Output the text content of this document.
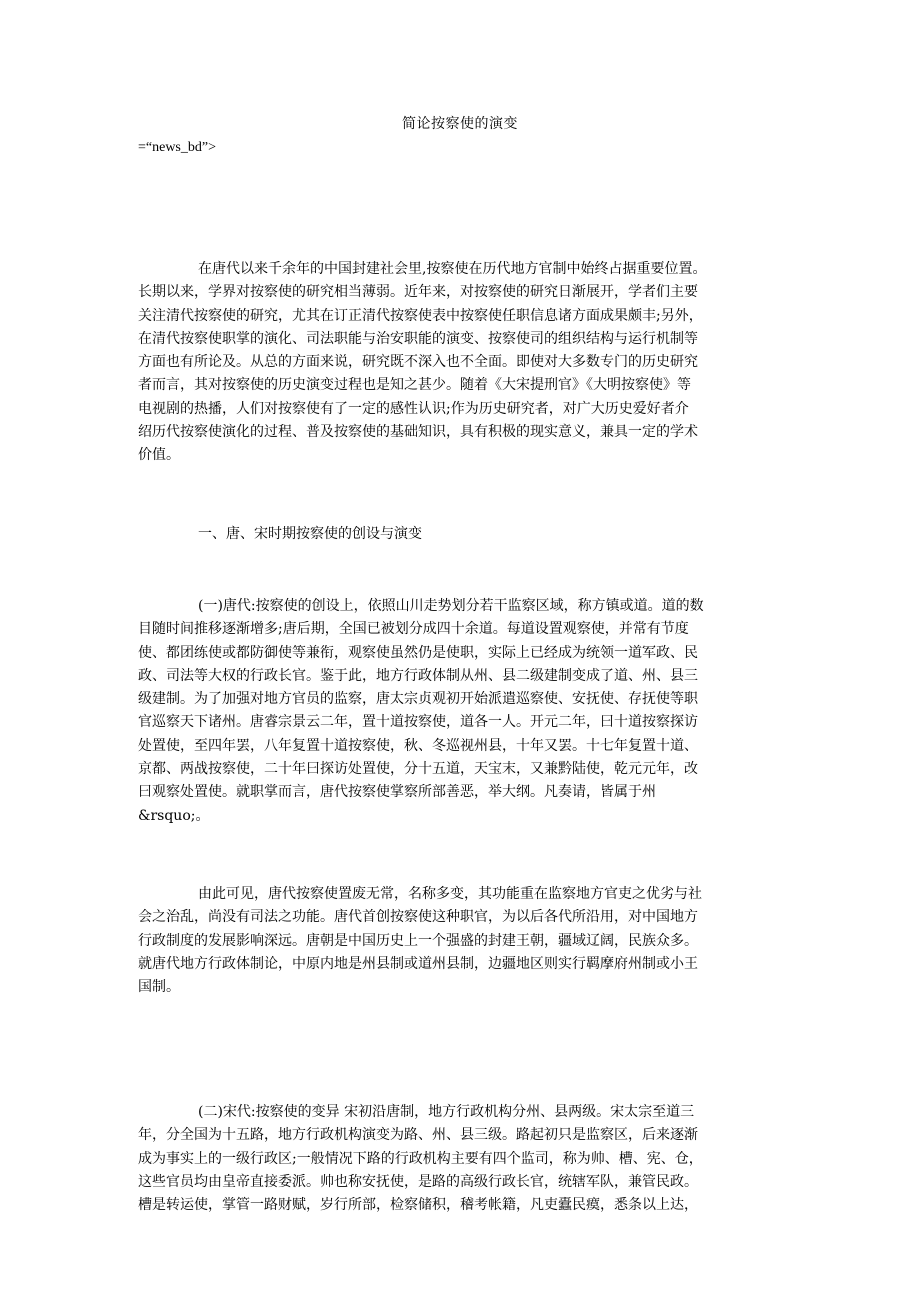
简论按察使的演变
=“news_bd”>
在唐代以来千余年的中国封建社会里,按察使在历代地方官制中始终占据重要位置。
长期以来，学界对按察使的研究相当薄弱。近年来，对按察使的研究日渐展开，学者们主要
关注清代按察使的研究，尤其在订正清代按察使表中按察使任职信息诸方面成果颇丰;另外，
在清代按察使职掌的演化、司法职能与治安职能的演变、按察使司的组织结构与运行机制等
方面也有所论及。从总的方面来说，研究既不深入也不全面。即使对大多数专门的历史研究
者而言，其对按察使的历史演变过程也是知之甚少。随着《大宋提刑官》《大明按察使》等
电视剧的热播，人们对按察使有了一定的感性认识;作为历史研究者，对广大历史爱好者介
绍历代按察使演化的过程、普及按察使的基础知识，具有积极的现实意义，兼具一定的学术
价值。
一、唐、宋时期按察使的创设与演变
(一)唐代:按察使的创设上，依照山川走势划分若干监察区域，称方镇或道。道的数
目随时间推移逐渐增多;唐后期，全国已被划分成四十余道。每道设置观察使，并常有节度
使、都团练使或都防御使等兼衔，观察使虽然仍是使职，实际上已经成为统领一道军政、民
政、司法等大权的行政长官。鉴于此，地方行政体制从州、县二级建制变成了道、州、县三
级建制。为了加强对地方官员的监察，唐太宗贞观初开始派遣巡察使、安抚使、存抚使等职
官巡察天下诸州。唐睿宗景云二年，置十道按察使，道各一人。开元二年，曰十道按察探访
处置使，至四年罢，八年复置十道按察使，秋、冬巡视州县，十年又罢。十七年复置十道、
京都、两战按察使，二十年曰探访处置使，分十五道，天宝末，又兼黔陆使，乾元元年，改
曰观察处置使。就职掌而言，唐代按察使掌察所部善恶，举大纲。凡奏请，皆属于州
&rsquo;。
由此可见，唐代按察使置废无常，名称多变，其功能重在监察地方官吏之优劣与社
会之治乱，尚没有司法之功能。唐代首创按察使这种职官，为以后各代所沿用，对中国地方
行政制度的发展影响深远。唐朝是中国历史上一个强盛的封建王朝，疆域辽阔，民族众多。
就唐代地方行政体制论，中原内地是州县制或道州县制，边疆地区则实行羁摩府州制或小王
国制。
(二)宋代:按察使的变异 宋初沿唐制，地方行政机构分州、县两级。宋太宗至道三
年，分全国为十五路，地方行政机构演变为路、州、县三级。路起初只是监察区，后来逐渐
成为事实上的一级行政区;一般情况下路的行政机构主要有四个监司，称为帅、槽、宪、仓，
这些官员均由皇帝直接委派。帅也称安抚使，是路的高级行政长官，统辖军队，兼管民政。
槽是转运使，掌管一路财赋，岁行所部，检察储积，稽考帐籍，凡吏蠹民瘼，悉条以上达，
